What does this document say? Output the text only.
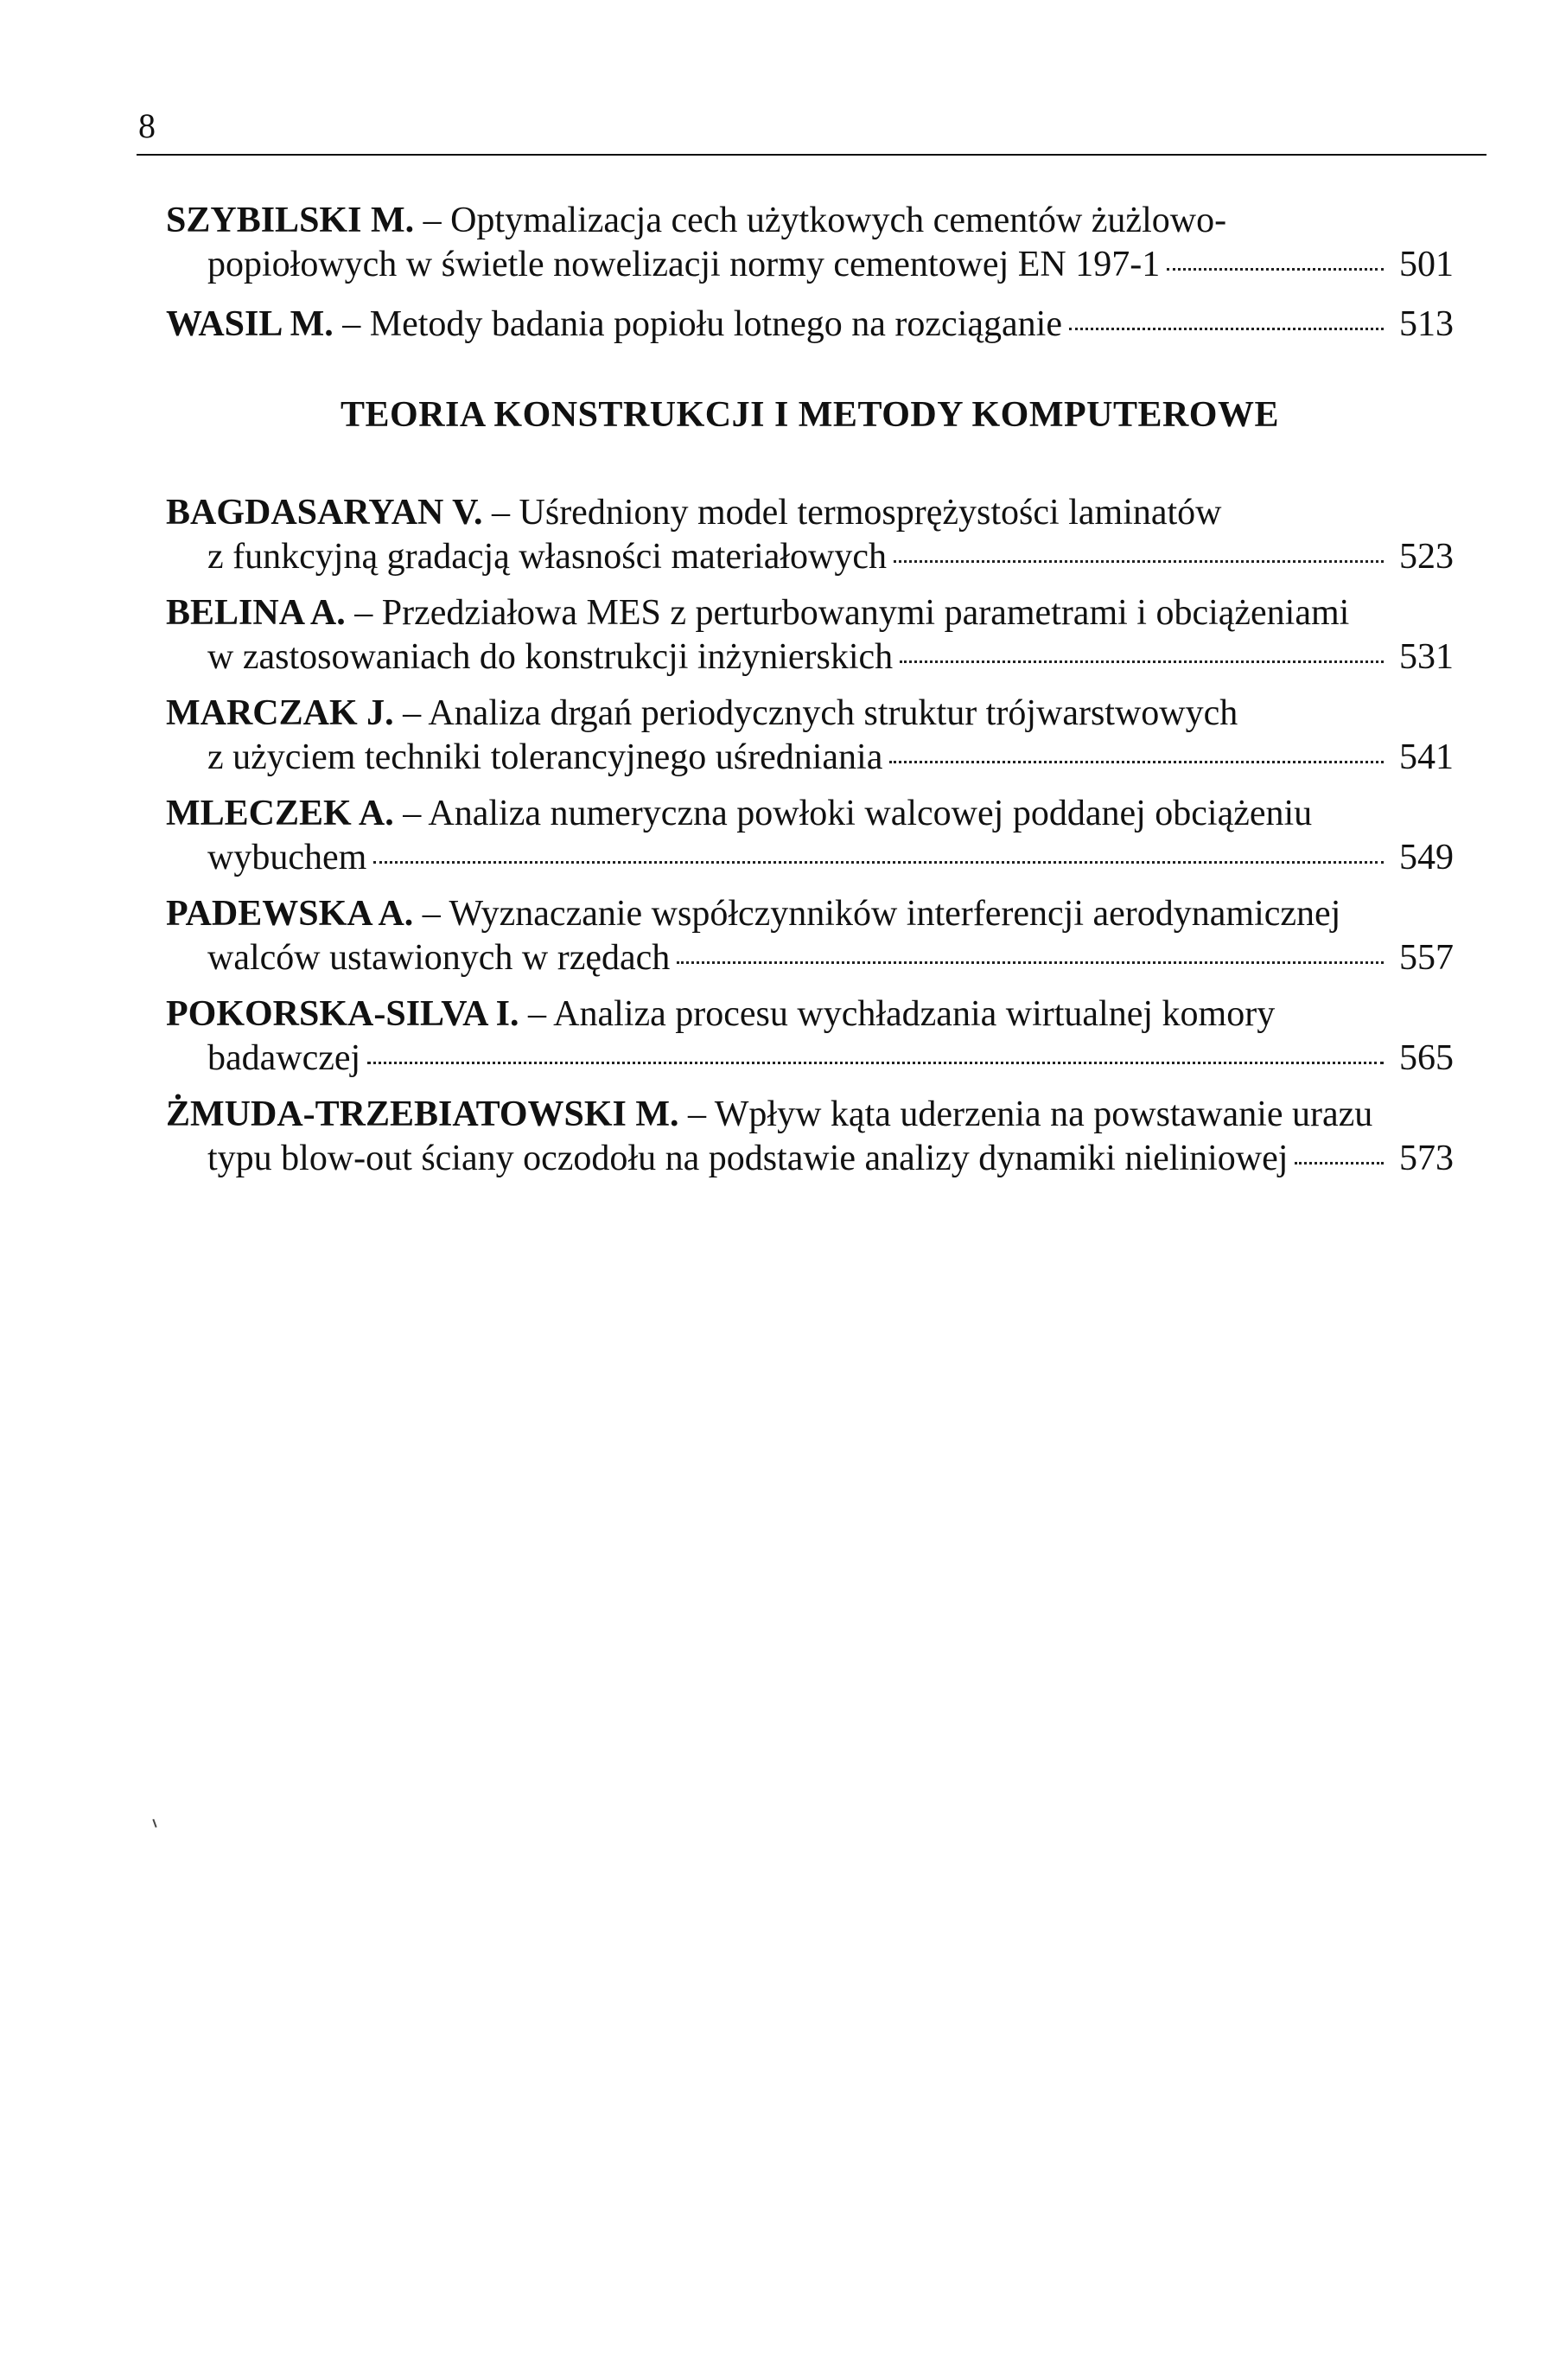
8
SZYBILSKI M. – Optymalizacja cech użytkowych cementów żużlowo-
popiołowych w świetle nowelizacji normy cementowej EN 197-1	501
WASIL M. – Metody badania popiołu lotnego na rozciąganie	513
TEORIA KONSTRUKCJI I METODY KOMPUTEROWE
BAGDASARYAN V. – Uśredniony model termosprężystości laminatów
z funkcyjną gradacją własności materiałowych	523
BELINA A. – Przedziałowa MES z perturbowanymi parametrami i obciążeniami
w zastosowaniach do konstrukcji inżynierskich	531
MARCZAK J. – Analiza drgań periodycznych struktur trójwarstwowych
z użyciem techniki tolerancyjnego uśredniania	541
MLECZEK A. – Analiza numeryczna powłoki walcowej poddanej obciążeniu
wybuchem	549
PADEWSKA A. – Wyznaczanie współczynników interferencji aerodynamicznej
walców ustawionych w rzędach	557
POKORSKA-SILVA I. – Analiza procesu wychładzania wirtualnej komory
badawczej	565
ŻMUDA-TRZEBIATOWSKI M. – Wpływ kąta uderzenia na powstawanie urazu
typu blow-out ściany oczodołu na podstawie analizy dynamiki nieliniowej	573
